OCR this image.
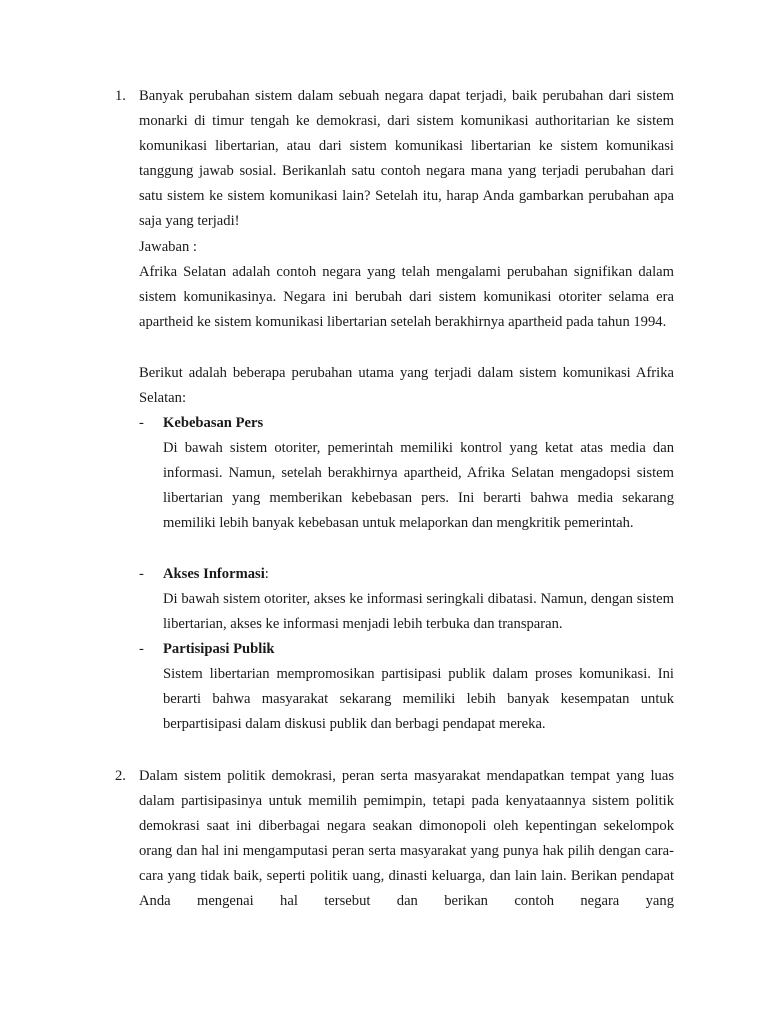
1. Banyak perubahan sistem dalam sebuah negara dapat terjadi, baik perubahan dari sistem monarki di timur tengah ke demokrasi, dari sistem komunikasi authoritarian ke sistem komunikasi libertarian, atau dari sistem komunikasi libertarian ke sistem komunikasi tanggung jawab sosial. Berikanlah satu contoh negara mana yang terjadi perubahan dari satu sistem ke sistem komunikasi lain? Setelah itu, harap Anda gambarkan perubahan apa saja yang terjadi!

Jawaban :

Afrika Selatan adalah contoh negara yang telah mengalami perubahan signifikan dalam sistem komunikasinya. Negara ini berubah dari sistem komunikasi otoriter selama era apartheid ke sistem komunikasi libertarian setelah berakhirnya apartheid pada tahun 1994.

Berikut adalah beberapa perubahan utama yang terjadi dalam sistem komunikasi Afrika Selatan:

- Kebebasan Pers

Di bawah sistem otoriter, pemerintah memiliki kontrol yang ketat atas media dan informasi. Namun, setelah berakhirnya apartheid, Afrika Selatan mengadopsi sistem libertarian yang memberikan kebebasan pers. Ini berarti bahwa media sekarang memiliki lebih banyak kebebasan untuk melaporkan dan mengkritik pemerintah.

- Akses Informasi:

Di bawah sistem otoriter, akses ke informasi seringkali dibatasi. Namun, dengan sistem libertarian, akses ke informasi menjadi lebih terbuka dan transparan.

- Partisipasi Publik

Sistem libertarian mempromosikan partisipasi publik dalam proses komunikasi. Ini berarti bahwa masyarakat sekarang memiliki lebih banyak kesempatan untuk berpartisipasi dalam diskusi publik dan berbagi pendapat mereka.

2. Dalam sistem politik demokrasi, peran serta masyarakat mendapatkan tempat yang luas dalam partisipasinya untuk memilih pemimpin, tetapi pada kenyataannya sistem politik demokrasi saat ini diberbagai negara seakan dimonopoli oleh kepentingan sekelompok orang dan hal ini mengamputasi peran serta masyarakat yang punya hak pilih dengan cara-cara yang tidak baik, seperti politik uang, dinasti keluarga, dan lain lain. Berikan pendapat Anda mengenai hal tersebut dan berikan contoh negara yang
